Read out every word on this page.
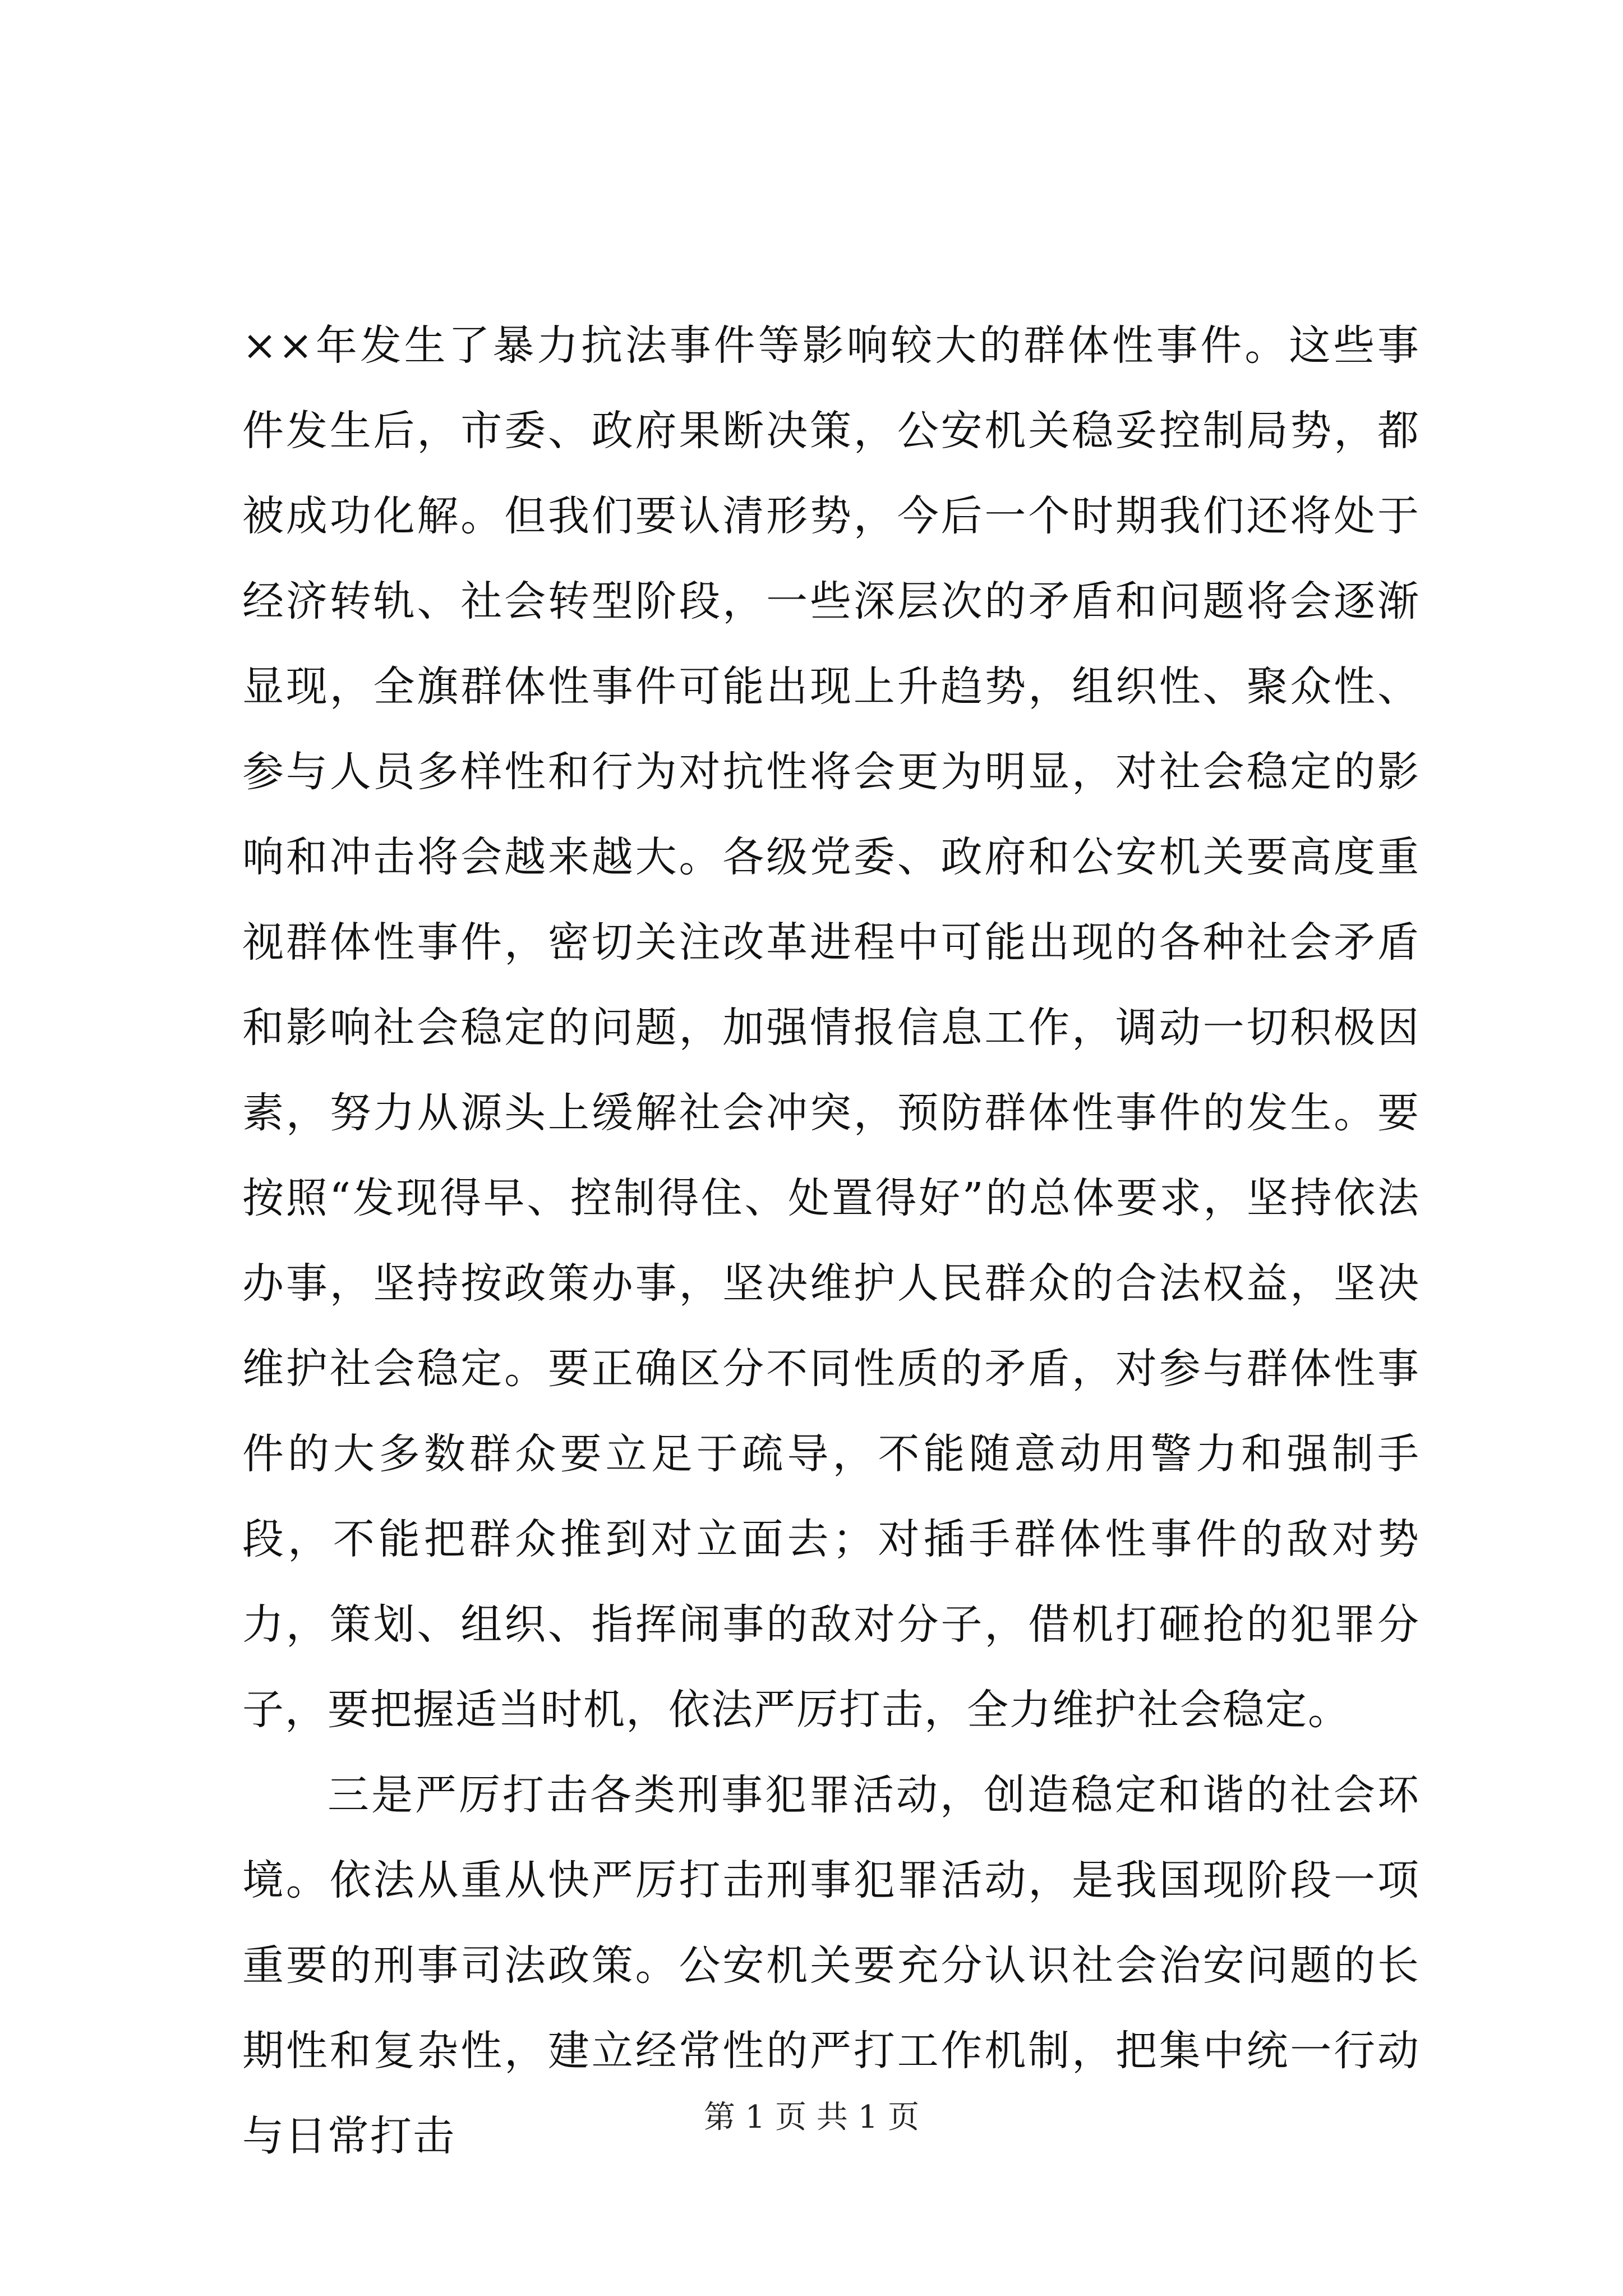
××年发生了暴力抗法事件等影响较大的群体性事件。这些事件发生后，市委、政府果断决策，公安机关稳妥控制局势，都被成功化解。但我们要认清形势，今后一个时期我们还将处于经济转轨、社会转型阶段，一些深层次的矛盾和问题将会逐渐显现，全旗群体性事件可能出现上升趋势，组织性、聚众性、参与人员多样性和行为对抗性将会更为明显，对社会稳定的影响和冲击将会越来越大。各级党委、政府和公安机关要高度重视群体性事件，密切关注改革进程中可能出现的各种社会矛盾和影响社会稳定的问题，加强情报信息工作，调动一切积极因素，努力从源头上缓解社会冲突，预防群体性事件的发生。要按照“发现得早、控制得住、处置得好”的总体要求，坚持依法办事，坚持按政策办事，坚决维护人民群众的合法权益，坚决维护社会稳定。要正确区分不同性质的矛盾，对参与群体性事件的大多数群众要立足于疏导，不能随意动用警力和强制手段，不能把群众推到对立面去；对插手群体性事件的敌对势力，策划、组织、指挥闹事的敌对分子，借机打砸抢的犯罪分子，要把握适当时机，依法严厉打击，全力维护社会稳定。

三是严厉打击各类刑事犯罪活动，创造稳定和谐的社会环境。依法从重从快严厉打击刑事犯罪活动，是我国现阶段一项重要的刑事司法政策。公安机关要充分认识社会治安问题的长期性和复杂性，建立经常性的严打工作机制，把集中统一行动与日常打击	第 1 页 共 1 页
